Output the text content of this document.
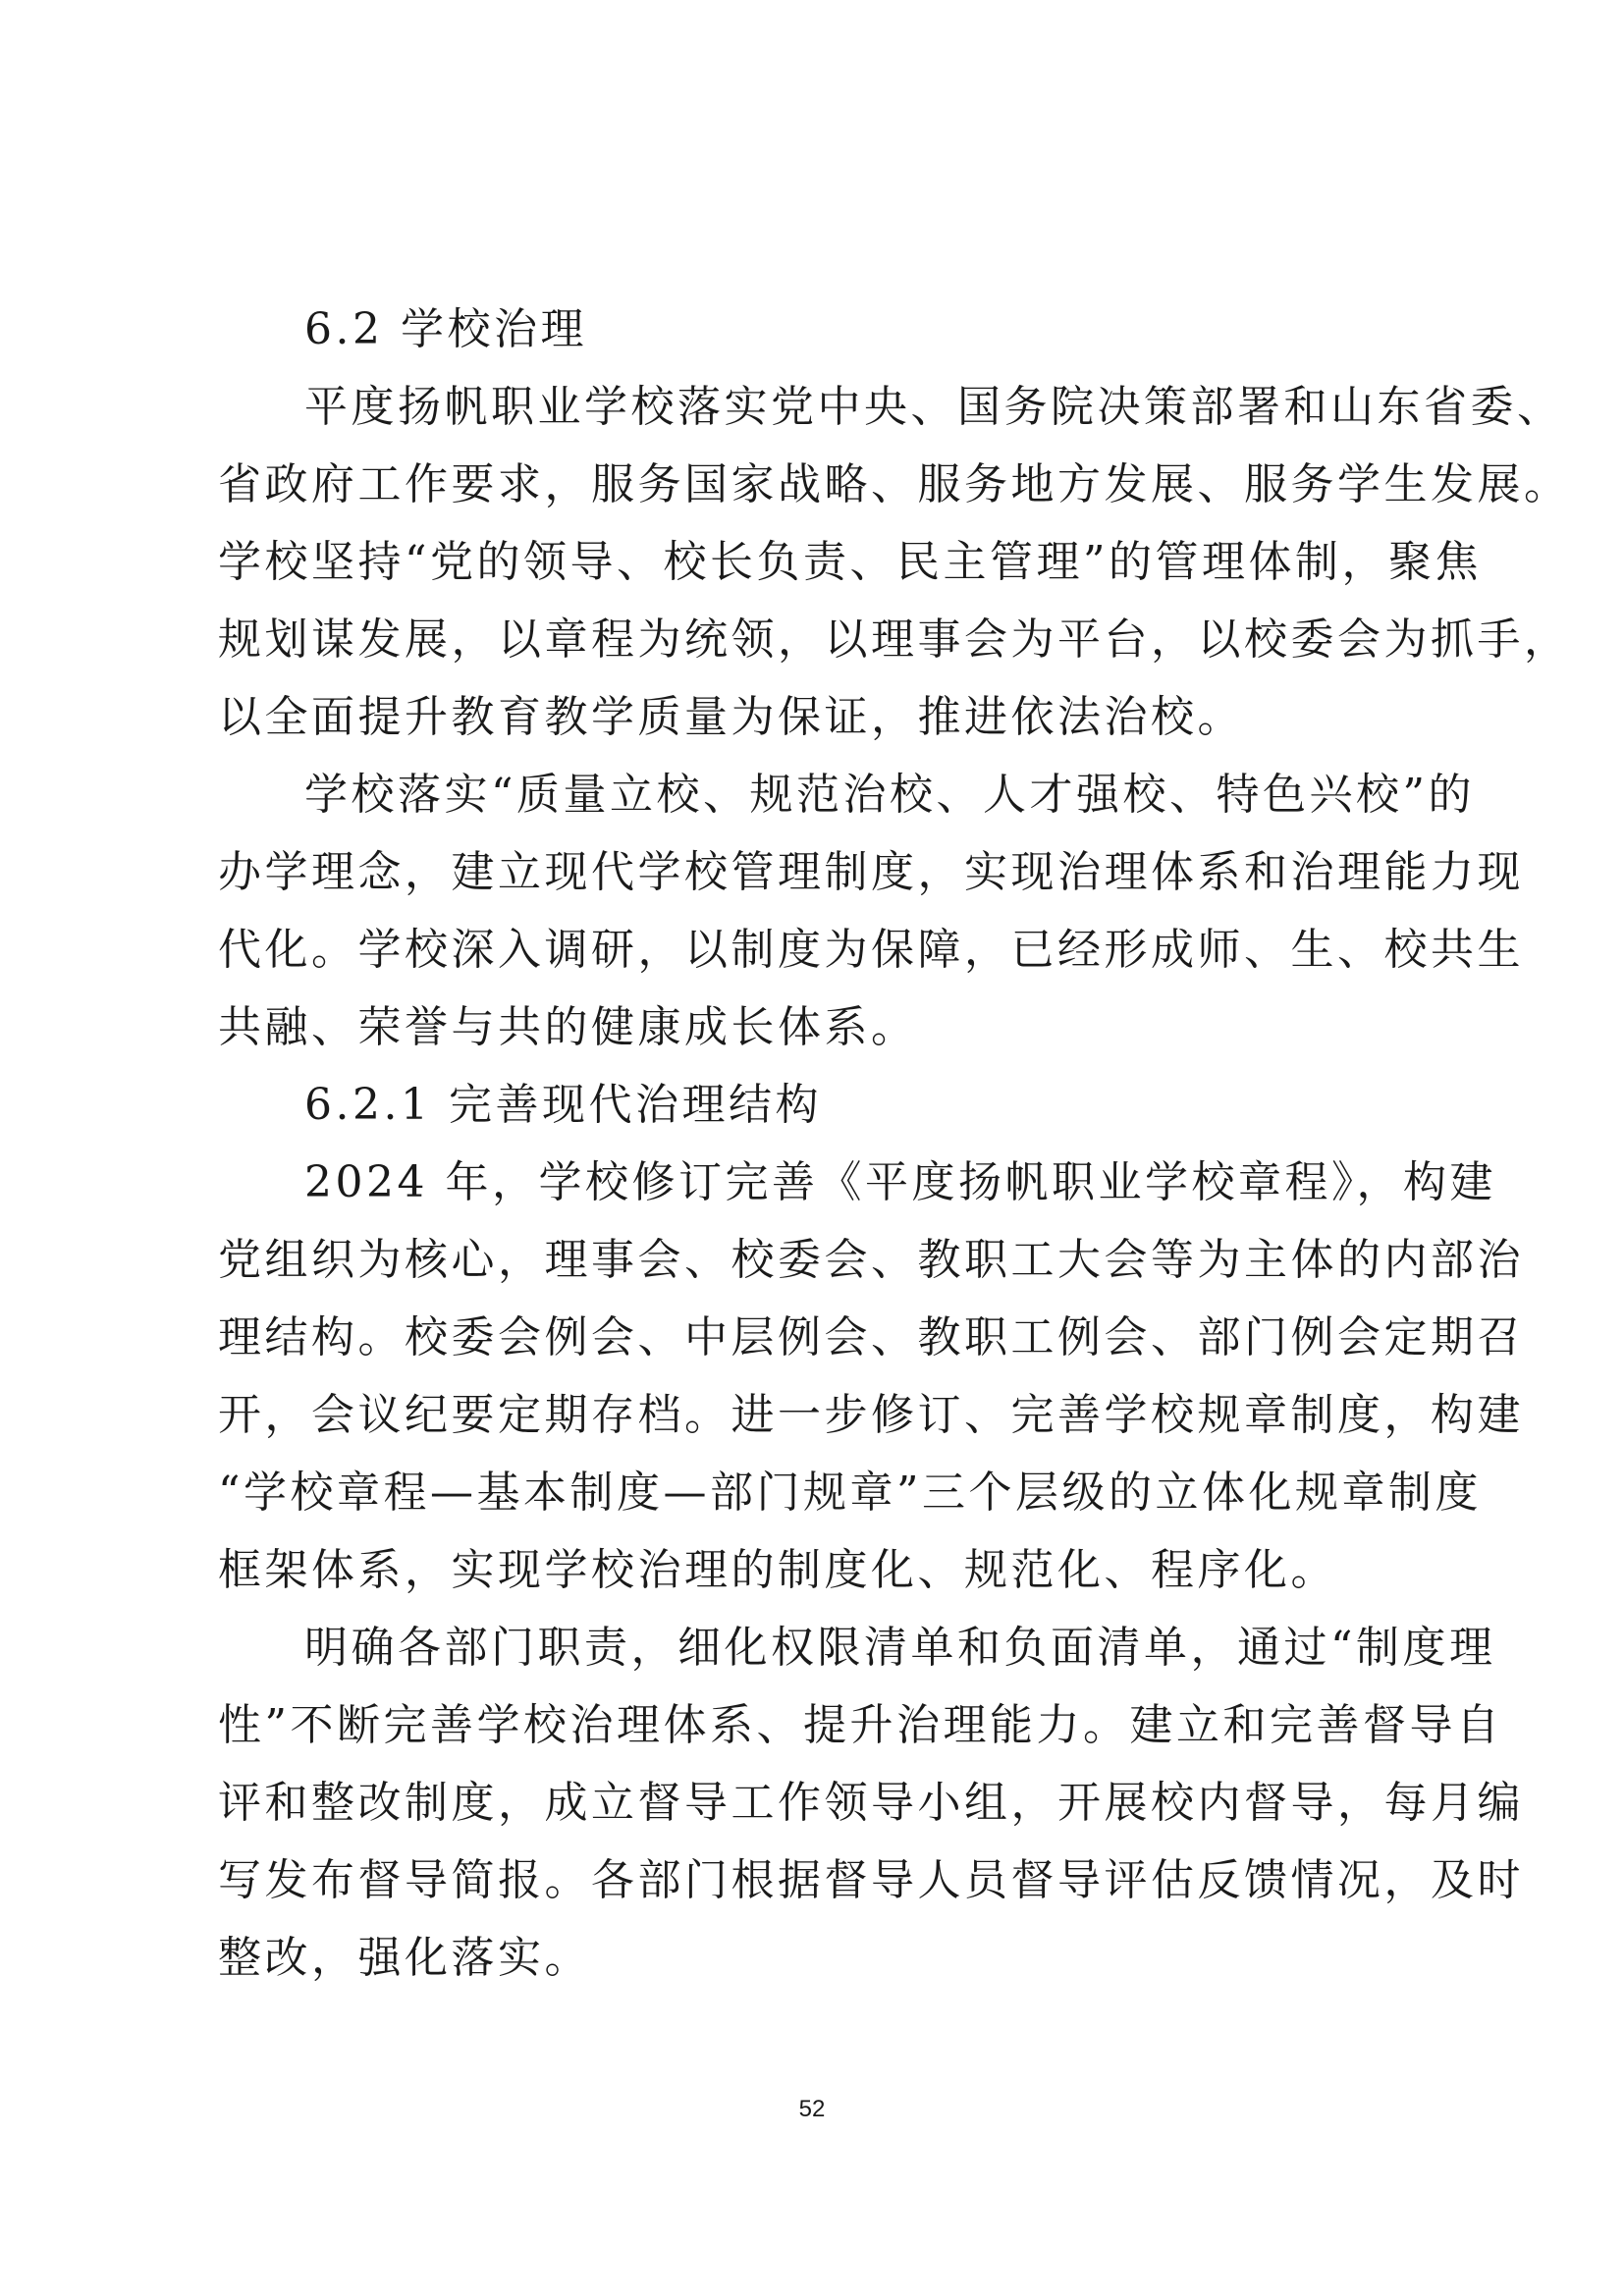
6.2 学校治理
平度扬帆职业学校落实党中央、国务院决策部署和山东省委、
省政府工作要求，服务国家战略、服务地方发展、服务学生发展。
学校坚持“党的领导、校长负责、民主管理”的管理体制，聚焦
规划谋发展，以章程为统领，以理事会为平台，以校委会为抓手，
以全面提升教育教学质量为保证，推进依法治校。
学校落实“质量立校、规范治校、人才强校、特色兴校”的
办学理念，建立现代学校管理制度，实现治理体系和治理能力现
代化。学校深入调研，以制度为保障，已经形成师、生、校共生
共融、荣誉与共的健康成长体系。
6.2.1 完善现代治理结构
2024 年，学校修订完善《平度扬帆职业学校章程》，构建
党组织为核心，理事会、校委会、教职工大会等为主体的内部治
理结构。校委会例会、中层例会、教职工例会、部门例会定期召
开，会议纪要定期存档。进一步修订、完善学校规章制度，构建
“学校章程—基本制度—部门规章”三个层级的立体化规章制度
框架体系，实现学校治理的制度化、规范化、程序化。
明确各部门职责，细化权限清单和负面清单，通过“制度理
性”不断完善学校治理体系、提升治理能力。建立和完善督导自
评和整改制度，成立督导工作领导小组，开展校内督导，每月编
写发布督导简报。各部门根据督导人员督导评估反馈情况，及时
整改，强化落实。
52
